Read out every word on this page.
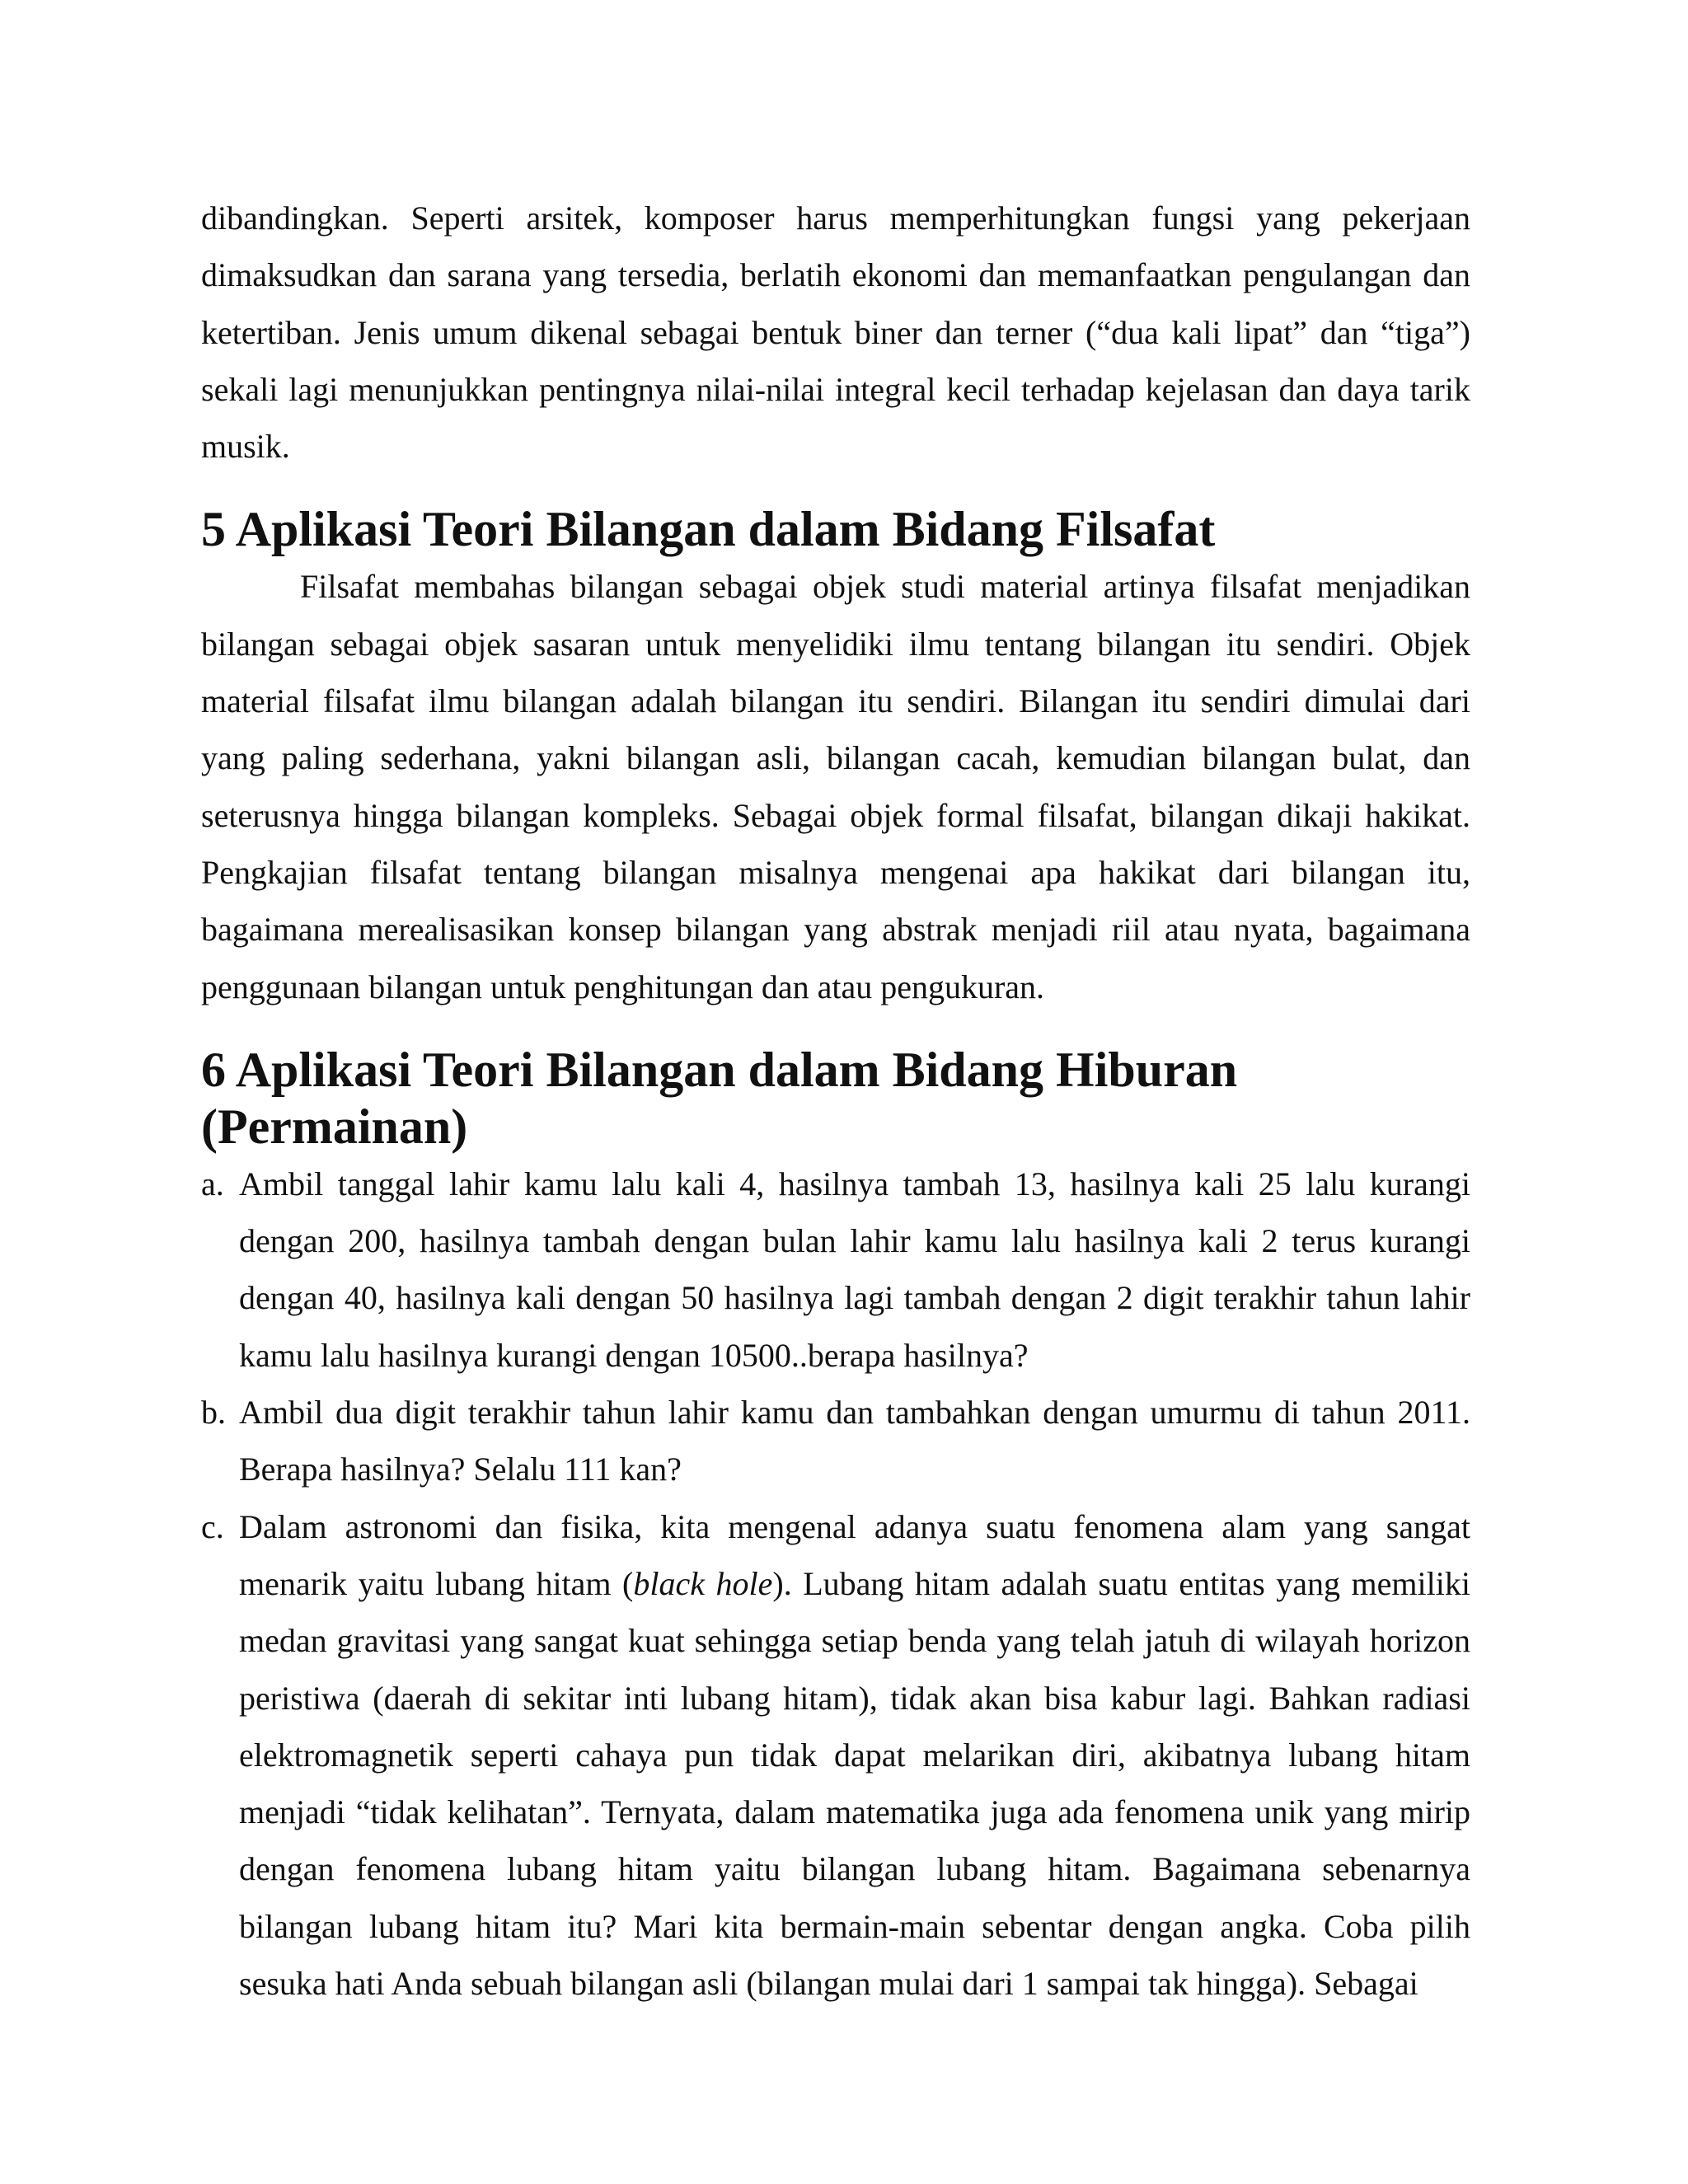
dibandingkan. Seperti arsitek, komposer harus memperhitungkan fungsi yang pekerjaan dimaksudkan dan sarana yang tersedia, berlatih ekonomi dan memanfaatkan pengulangan dan ketertiban. Jenis umum dikenal sebagai bentuk biner dan terner (“dua kali lipat” dan “tiga”) sekali lagi menunjukkan pentingnya nilai-nilai integral kecil terhadap kejelasan dan daya tarik musik.

5 Aplikasi Teori Bilangan dalam Bidang Filsafat

Filsafat membahas bilangan sebagai objek studi material artinya filsafat menjadikan bilangan sebagai objek sasaran untuk menyelidiki ilmu tentang bilangan itu sendiri. Objek material filsafat ilmu bilangan adalah bilangan itu sendiri. Bilangan itu sendiri dimulai dari yang paling sederhana, yakni bilangan asli, bilangan cacah, kemudian bilangan bulat, dan seterusnya hingga bilangan kompleks. Sebagai objek formal filsafat, bilangan dikaji hakikat. Pengkajian filsafat tentang bilangan misalnya mengenai apa hakikat dari bilangan itu, bagaimana merealisasikan konsep bilangan yang abstrak menjadi riil atau nyata, bagaimana penggunaan bilangan untuk penghitungan dan atau pengukuran.

6 Aplikasi Teori Bilangan dalam Bidang Hiburan (Permainan)
a. Ambil tanggal lahir kamu lalu kali 4, hasilnya tambah 13, hasilnya kali 25 lalu kurangi dengan 200, hasilnya tambah dengan bulan lahir kamu lalu hasilnya kali 2 terus kurangi dengan 40, hasilnya kali dengan 50 hasilnya lagi tambah dengan 2 digit terakhir tahun lahir kamu lalu hasilnya kurangi dengan 10500..berapa hasilnya?
b. Ambil dua digit terakhir tahun lahir kamu dan tambahkan dengan umurmu di tahun 2011. Berapa hasilnya? Selalu 111 kan?
c. Dalam astronomi dan fisika, kita mengenal adanya suatu fenomena alam yang sangat menarik yaitu lubang hitam (black hole). Lubang hitam adalah suatu entitas yang memiliki medan gravitasi yang sangat kuat sehingga setiap benda yang telah jatuh di wilayah horizon peristiwa (daerah di sekitar inti lubang hitam), tidak akan bisa kabur lagi. Bahkan radiasi elektromagnetik seperti cahaya pun tidak dapat melarikan diri, akibatnya lubang hitam menjadi “tidak kelihatan”. Ternyata, dalam matematika juga ada fenomena unik yang mirip dengan fenomena lubang hitam yaitu bilangan lubang hitam. Bagaimana sebenarnya bilangan lubang hitam itu? Mari kita bermain-main sebentar dengan angka. Coba pilih sesuka hati Anda sebuah bilangan asli (bilangan mulai dari 1 sampai tak hingga). Sebagai
